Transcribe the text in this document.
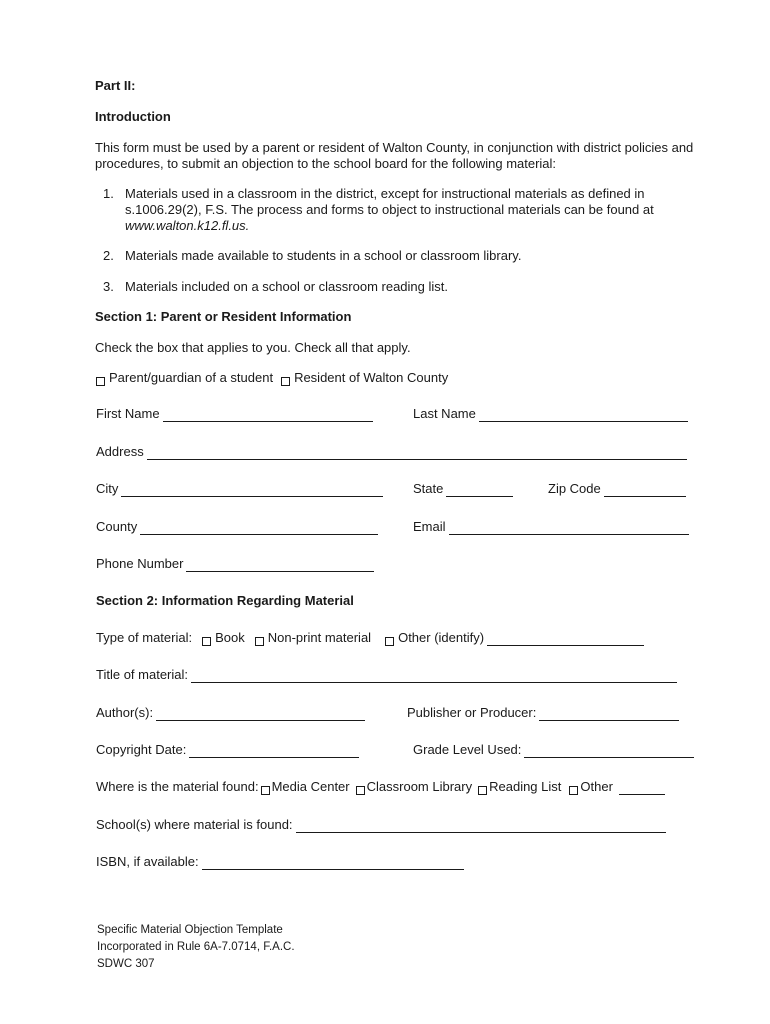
Part II:
Introduction
This form must be used by a parent or resident of Walton County, in conjunction with district policies and procedures, to submit an objection to the school board for the following material:
1. Materials used in a classroom in the district, except for instructional materials as defined in s.1006.29(2), F.S. The process and forms to object to instructional materials can be found at
www.walton.k12.fl.us.
2. Materials made available to students in a school or classroom library.
3. Materials included on a school or classroom reading list.
Section 1: Parent or Resident Information
Check the box that applies to you. Check all that apply.
Parent/guardian of a student Resident of Walton County
First Name	Last Name
Address
City	State	Zip Code
County	Email
Phone Number
Section 2: Information Regarding Material
Type of material: Book Non-print material Other (identify)
Title of material:
Author(s):	Publisher or Producer:
Copyright Date:	Grade Level Used:
Where is the material found: Media Center Classroom Library Reading List Other
School(s) where material is found:
ISBN, if available:
Specific Material Objection Template
Incorporated in Rule 6A-7.0714, F.A.C.
SDWC 307
